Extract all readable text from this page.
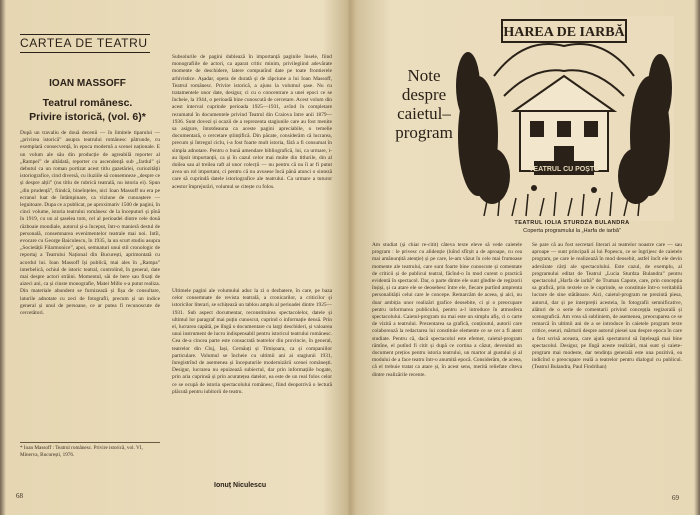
CARTEA DE TEATRU
IOAN MASSOFF
Teatrul românesc.
Privire istorică, (vol. 6)*
După un travaliu de două decenii — în limitele tiparului — „privirea istorică” asupra teatrului românesc pătrunde, cu exemplară consecvență, în epoca modernă a scenei naționale. E un volum ale său din producție de agreabilă reporter al „Rampei” de altădată, reporter cu ascendență sub „fardul” și debutul ca un roman portizat acest titlu gazetăriei, curiozității istoriografice, cind diversă, cu iluziile să consemneze „despre ce și despre alții” (nu titlu de rubrică teatrală, nu istoria ei). Spun „din prudență”, fiindcă, bineînțeles, nici Ioan Massoff nu era pe ecranul luat de întâmpinare, ca viziune de cunoaștere — leguitoare. Dupa ce a publicat, pe aproximativ 1500 de pagini, în cinci volume, istoria teatrului românesc de la începuturi și pînă în 1919, cu un al șaselea tom, cel al perioadei dintre cele două războaie mondiale, autorul și-a început, într-o manieră destul de personală, consemnarea evenimentelor teatrale mai noi. Intîi, evocare cu George Baiculescu, în 1935, la un scurt studiu asupra „Societății Filarmonice”, apoi, semnaturi unui stil cronologic de reportaj a Teatrului Național din București, aprimontată cu acordul lui. Ioan Massoff își publică, mai ales în „Rampa” interbelică, ochiul de istoric teatral, controlind, în general, date mai despre actori străini. Momentul, săi de bere sau fixați de aizeci ani, ca și cinste monografie, Matei Millo s-a putut realiza. Din materiale abundent se furnizează și fișa de consultare, laturile adnotate cu zeci de fotografii, precum și un indice general și unul de persoane, ce ar putea fi recunoscute de cercetători.
Subsolurile de pagini dublează în importanță paginile însele, fiind monografiile de actori, ca aparat critic minim, privilegiind adevărate momente de deschidere, latere compunînd date pe toate frontierele arhivistice. Aşadar, opera de durată și de răpciune a lui Ioan Massoff, Teatrul românesc. Privire istorică, a ajuns la volumul șase. Nu cu tratamentele unor date, desigur, ci cu o concentrare a unei epoci ce se încheie, la 1944, o perioadă bine cunoscută de cercetare. Acest volum din acest interval cuprinde perioada 1925—1931, avînd în completare rezumatul în documentele privind Teatrul din Craiova între anii 1879—1936. Sunt dovezi și ocazii de a reprezenta stagiunile care au fost menite sa asigure, întotdeauna ca aceste pagini apreciabile, o temelie documentară, o cercetare științifică. Din păcate, considerăm că lucrarea, precum și întregul ciclu, i-a fost foarte mult istoria, fără a fi consumat în simpla adnotare. Pentru o bună amendare bibliografică, lui, ca urmare, i-au lipsit importanții, ca și în cazul celor mai multe din titlurile, din al doilea sau al treilea raft al unor colecții — nu pentru că nu îi ar fi putut avea un rol important, ci pentru că nu avusese încă până atunci o sinteză care să cuprindă datele istoriografice ale teatrului. Ca urmare a tuturor acestor împrejurări, volumul se citește cu folos.
Ultimele pagini ale volumului aduc la zi o dezbatere, în care, pe baza celor consemnate de revista teatrală, a cronicarilor, a criticilor și istoricilor literari, se schițează un tablou amplu al perioadei dintre 1925—1931. Sub aspect documentar, reconstituirea spectacolelor, datele și ultimul lor paragraf mai puțin cunoscut, cuprind o informație densă. Prin el, lucrarea capătă, pe lîngă o documentare cu largi deschideri, și valoarea unui instrument de lucru indispensabil pentru istoricul teatrului românesc. Cea de-a cincea parte este consacrată teatrelor din provincie, în general, teatrelor din Cluj, Iași, Cernăuți și Timișoara, ca și companiilor particulare. Volumul se încheie cu ultimii ani ai stagiunii 1931, înregistrînd de asemenea și începuturile modernizării scenei românești. Desigur, lucrarea nu epuizează subiectul, dar prin informațiile bogate, prin aria cuprinsă și prin acuratețea datelor, ea este de un real folos celor ce se ocupă de istoria spectacolului românesc, fiind deopotrivă o lectură plăcută pentru iubitorii de teatru.
* Ioan Massoff : Teatrul românesc. Privire istorică, vol. VI, Minerva, București, 1976.
Ionuț Niculescu
68
Note
despre
caietul–
program
HAREA DE IARBĂ
TEATRUL CU POȘTE
TEATRUL IOLIA STURDZA BULANDRA
Coperta programului la „Harfa de iarbă”
Am studiat (și chiar re-citit) câteva texte eleve să vede caietele program : le privesc cu alidenție (luînd sfîrșit a de aproape, cu cea mai amănunțită atenție) și pe care, le-am văzut în cele mai frumoase momente ale teatrului, care sunt foarte bine cunoscute și comentate de criticii și de publicul teatral, făcînd-o în mod curent o practică evidentă în spectacol. Dar, o parte dintre ele sunt gîndite de regizorii înșiși, și ca atare ele se deosebesc între ele, fiecare purtînd amprenta personalității celui care le concepe. Remarcăm de aceea, și aici, nu doar ambiția unor realizări grafice deosebite, ci și o preocupare pentru informarea publicului, pentru a-l introduce în atmosfera spectacolului. Caietul-program nu mai este un simplu afiș, ci o carte de vizită a teatrului. Prezentarea sa grafică, conținutul, autorii care colaborează la redactarea lui constituie elemente ce se cer a fi atent studiate. Pentru că, dacă spectacolul este efemer, caietul-program rămîne, el putînd fi citit și după ce cortina a căzut, devenind un document prețios pentru istoria teatrului, un martor al gustului și al modului de a face teatru într-o anumită epocă. Considerăm, de aceea, că el trebuie tratat ca atare și, în acest sens, merită reliefate cîteva dintre realizările recente.
Se pare că au fost secretari literari ai teatrelor noastre care — sau aproape — sunt principali ai lui Popescu, ce se îngrijesc de caietele program, pe care le realizează în mod deosebit, astfel încît ele devin adevărate cărți ale spectacolului. Este cazul, de exemplu, al programului editat de Teatrul „Lucia Sturdza Bulandra” pentru spectacolul „Harfa de iarbă” de Truman Capote, care, prin concepția sa grafică, prin textele ce le cuprinde, se constituie într-o veritabilă lucrare de sine stătătoare. Aici, caietul-program ne prezintă piesa, autorul, dar și pe interpreții acesteia, în fotografii semnificative, alături de o serie de comentarii privind concepția regizorală și scenografică. Am vrea să subliniem, de asemenea, preocuparea ce se remarcă în ultimii ani de a se introduce în caietele program texte critice, eseuri, mărturii despre autorul piesei sau despre epoca în care a fost scrisă aceasta, care ajută spectatorul să înțeleagă mai bine spectacolul. Desigur, pe lîngă aceste realizări, mai sunt și caiete-program mai modeste, dar tendința generală este una pozitivă, ea indicînd o preocupare reală a teatrelor pentru dialogul cu publicul. (Teatrul Bulandra, Paul Findrihan)
69
